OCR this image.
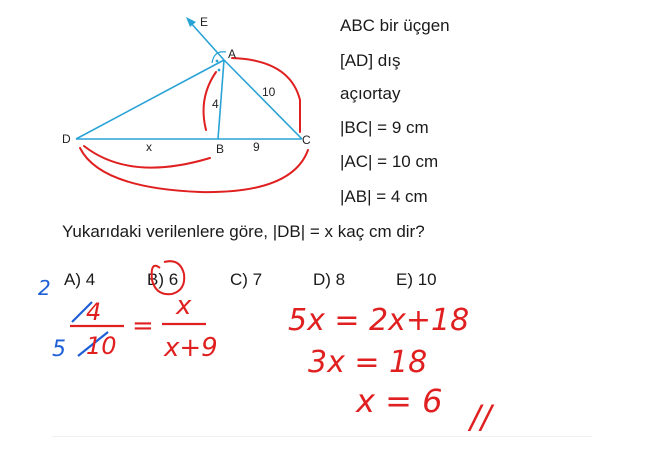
E
A
D
B
C
4
10
x	9
ABC bir üçgen
[AD] dış
açıortay
|BC| = 9 cm
|AC| = 10 cm
|AB| = 4 cm
Yukarıdaki verilenlere göre, |DB| = x kaç cm dir?
A) 4	B) 6	C) 7	D) 8	E) 10
2
5
4
10
=
x
x+9
5x = 2x+18
3x = 18
x = 6 //
